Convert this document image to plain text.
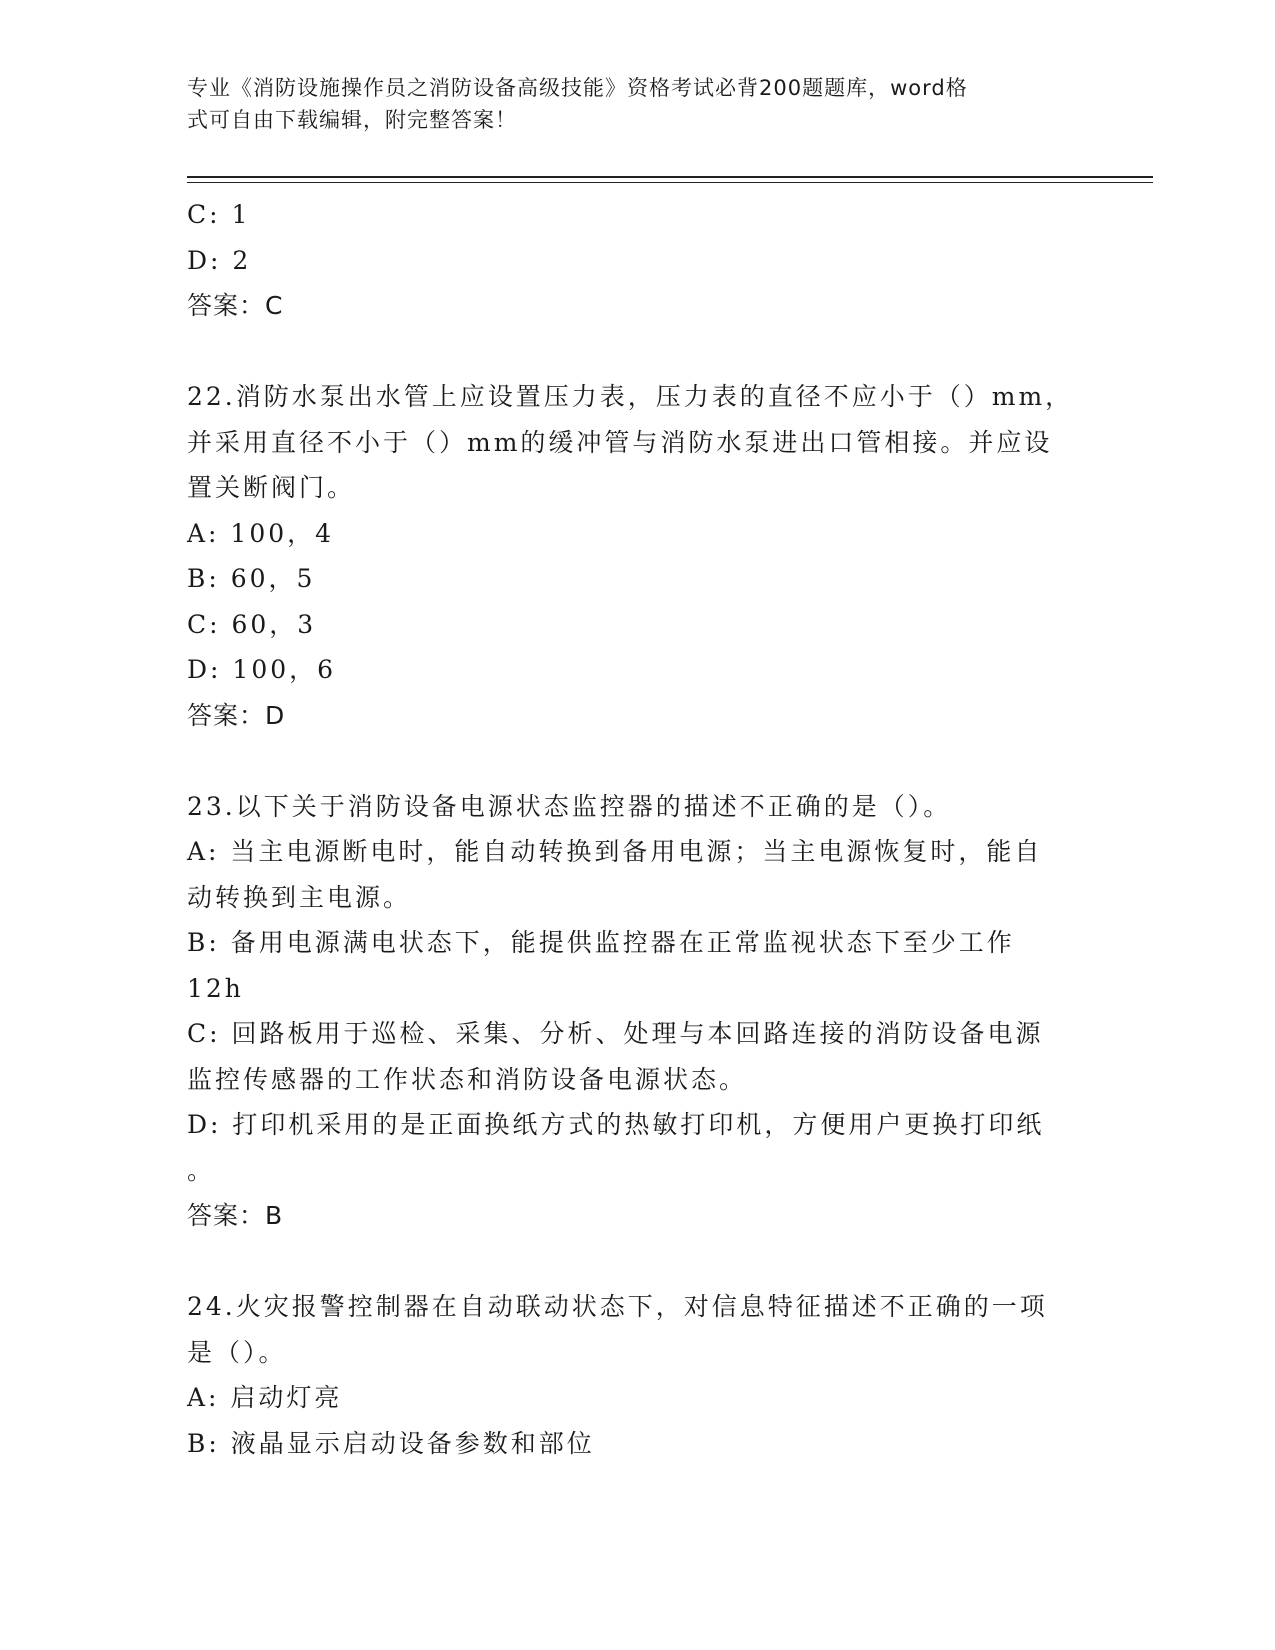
专业《消防设施操作员之消防设备高级技能》资格考试必背200题题库，word格
式可自由下载编辑，附完整答案！
C: 1
D: 2
答案：C
22.消防水泵出水管上应设置压力表，压力表的直径不应小于（）mm，
并采用直径不小于（）mm的缓冲管与消防水泵进出口管相接。并应设
置关断阀门。
A: 100，4
B: 60，5
C: 60，3
D: 100，6
答案：D
23.以下关于消防设备电源状态监控器的描述不正确的是（）。
A: 当主电源断电时，能自动转换到备用电源；当主电源恢复时，能自
动转换到主电源。
B: 备用电源满电状态下，能提供监控器在正常监视状态下至少工作
12h
C: 回路板用于巡检、采集、分析、处理与本回路连接的消防设备电源
监控传感器的工作状态和消防设备电源状态。
D: 打印机采用的是正面换纸方式的热敏打印机，方便用户更换打印纸
。
答案：B
24.火灾报警控制器在自动联动状态下，对信息特征描述不正确的一项
是（）。
A: 启动灯亮
B: 液晶显示启动设备参数和部位
